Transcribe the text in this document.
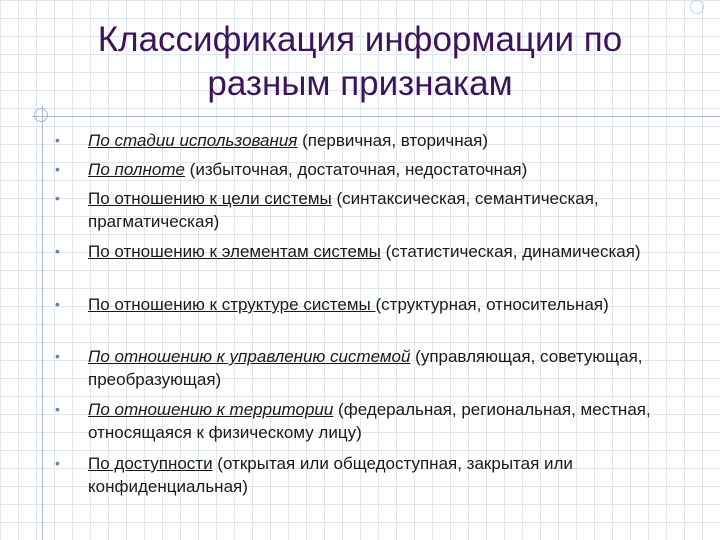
Классификация информации по
разным признакам
• По стадии использования (первичная, вторичная)
• По полноте (избыточная, достаточная, недостаточная)
• По отношению к цели системы (синтаксическая, семантическая, прагматическая)
• По отношению к элементам системы (статистическая, динамическая)
• По отношению к структуре системы (структурная, относительная)
• По отношению к управлению системой (управляющая, советующая, преобразующая)
• По отношению к территории (федеральная, региональная, местная, относящаяся к физическому лицу)
• По доступности (открытая или общедоступная, закрытая или конфиденциальная)
